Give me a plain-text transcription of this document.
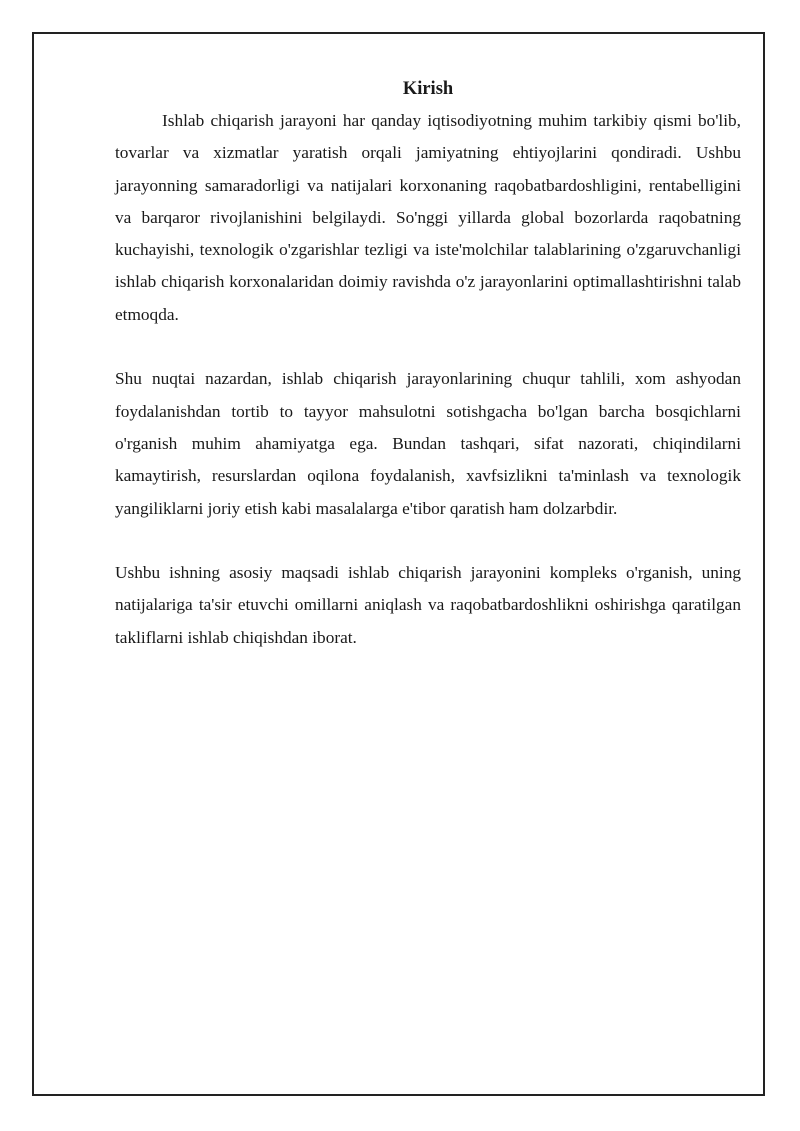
Kirish

Ishlab chiqarish jarayoni har qanday iqtisodiyotning muhim tarkibiy qismi bo'lib, tovarlar va xizmatlar yaratish orqali jamiyatning ehtiyojlarini qondiradi. Ushbu jarayonning samaradorligi va natijalari korxonaning raqobatbardoshligini, rentabelligini va barqaror rivojlanishini belgilaydi. So'nggi yillarda global bozorlarda raqobatning kuchayishi, texnologik o'zgarishlar tezligi va iste'molchilar talablarining o'zgaruvchanligi ishlab chiqarish korxonalaridan doimiy ravishda o'z jarayonlarini optimallashtirishni talab etmoqda.

Shu nuqtai nazardan, ishlab chiqarish jarayonlarining chuqur tahlili, xom ashyodan foydalanishdan tortib to tayyor mahsulotni sotishgacha bo'lgan barcha bosqichlarni o'rganish muhim ahamiyatga ega. Bundan tashqari, sifat nazorati, chiqindilarni kamaytirish, resurslardan oqilona foydalanish, xavfsizlikni ta'minlash va texnologik yangiliklarni joriy etish kabi masalalarga e'tibor qaratish ham dolzarbdir.

Ushbu ishning asosiy maqsadi ishlab chiqarish jarayonini kompleks o'rganish, uning natijalariga ta'sir etuvchi omillarni aniqlash va raqobatbardoshlikni oshirishga qaratilgan takliflarni ishlab chiqishdan iborat.
